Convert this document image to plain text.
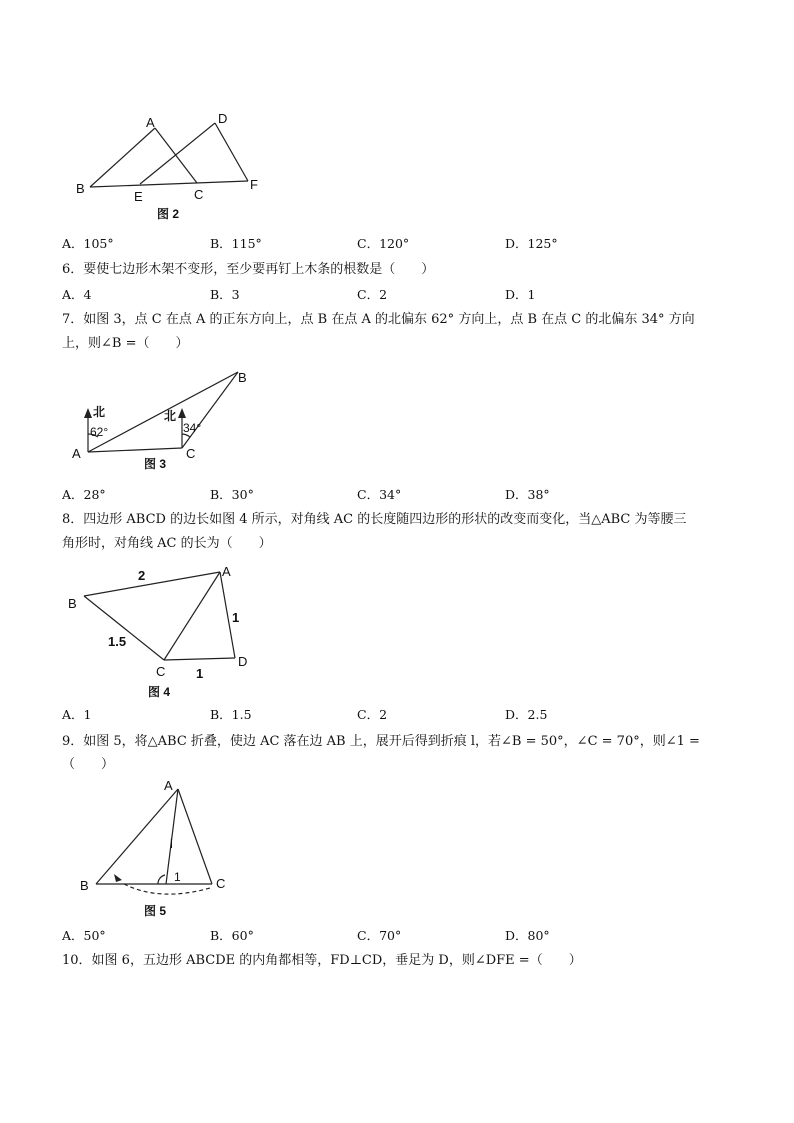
A
B	C
D
E
F
图 2
A．105°	B．115°	C．120°	D．125°
6．要使七边形木架不变形，至少要再钉上木条的根数是（　　）
A．4	B．3	C．2	D．1
7．如图 3，点 C 在点 A 的正东方向上，点 B 在点 A 的北偏东 62° 方向上，点 B 在点 C 的北偏东 34° 方向
上，则∠B =（　　）
北	北
62°	34°
A
B
C
图 3
A．28°	B．30°	C．34°	D．38°
8．四边形 ABCD 的边长如图 4 所示，对角线 AC 的长度随四边形的形状的改变而变化，当△ABC 为等腰三
角形时，对角线 AC 的长为（　　）
A
B
C
D
2
1.5
1
1
图 4
A．1	B．1.5	C．2	D．2.5
9．如图 5，将△ABC 折叠，使边 AC 落在边 AB 上，展开后得到折痕 l，若∠B = 50°，∠C = 70°，则∠1 =
（　　）
A
B	C
l
1
图 5
A．50°	B．60°	C．70°	D．80°
10．如图 6，五边形 ABCDE 的内角都相等，FD⊥CD，垂足为 D，则∠DFE =（　　）
